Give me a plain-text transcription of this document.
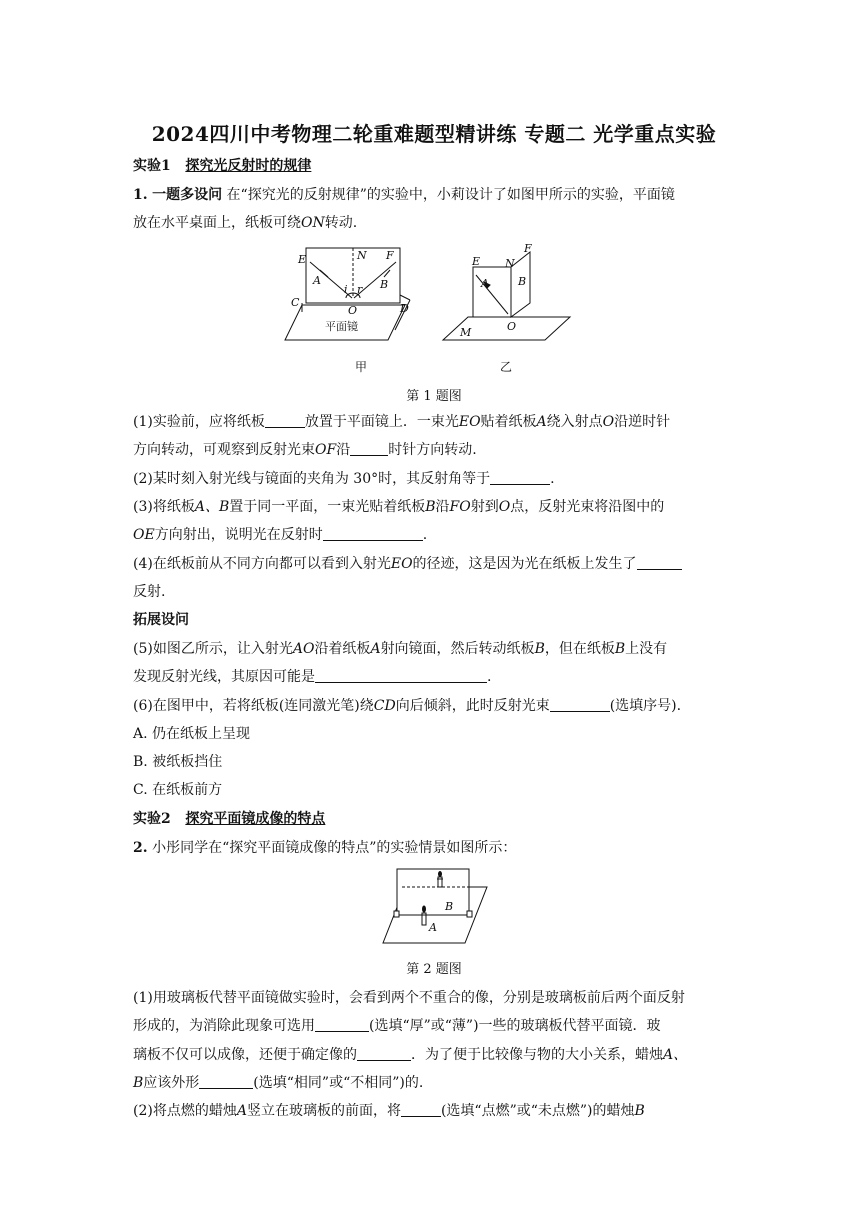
2024四川中考物理二轮重难题型精讲练 专题二 光学重点实验
实验1 探究光反射时的规律
1. 一题多设问 在“探究光的反射规律”的实验中，小莉设计了如图甲所示的实验，平面镜
放在水平桌面上，纸板可绕ON转动.
E	N F
A	B
i r
O
C	D
平面镜
E N
F
A	B
O
M
甲	乙
第 1 题图
(1)实验前，应将纸板	放置于平面镜上．一束光EO贴着纸板A绕入射点O沿逆时针
方向转动，可观察到反射光束OF沿	时针方向转动.
(2)某时刻入射光线与镜面的夹角为 30°时，其反射角等于	.
(3)将纸板A、B置于同一平面，一束光贴着纸板B沿FO射到O点，反射光束将沿图中的
OE方向射出，说明光在反射时	.
(4)在纸板前从不同方向都可以看到入射光EO的径迹，这是因为光在纸板上发生了
反射.
拓展设问
(5)如图乙所示，让入射光AO沿着纸板A射向镜面，然后转动纸板B，但在纸板B上没有
发现反射光线，其原因可能是	.
(6)在图甲中，若将纸板(连同激光笔)绕CD向后倾斜，此时反射光束	(选填序号).
A. 仍在纸板上呈现
B. 被纸板挡住
C. 在纸板前方
实验2 探究平面镜成像的特点
2. 小彤同学在“探究平面镜成像的特点”的实验情景如图所示：
B
A
第 2 题图
(1)用玻璃板代替平面镜做实验时，会看到两个不重合的像，分别是玻璃板前后两个面反射
形成的，为消除此现象可选用	(选填“厚”或“薄”)一些的玻璃板代替平面镜．玻
璃板不仅可以成像，还便于确定像的	．为了便于比较像与物的大小关系，蜡烛A、
B应该外形	(选填“相同”或“不相同”)的.
(2)将点燃的蜡烛A竖立在玻璃板的前面，将	(选填“点燃”或“未点燃”)的蜡烛B
